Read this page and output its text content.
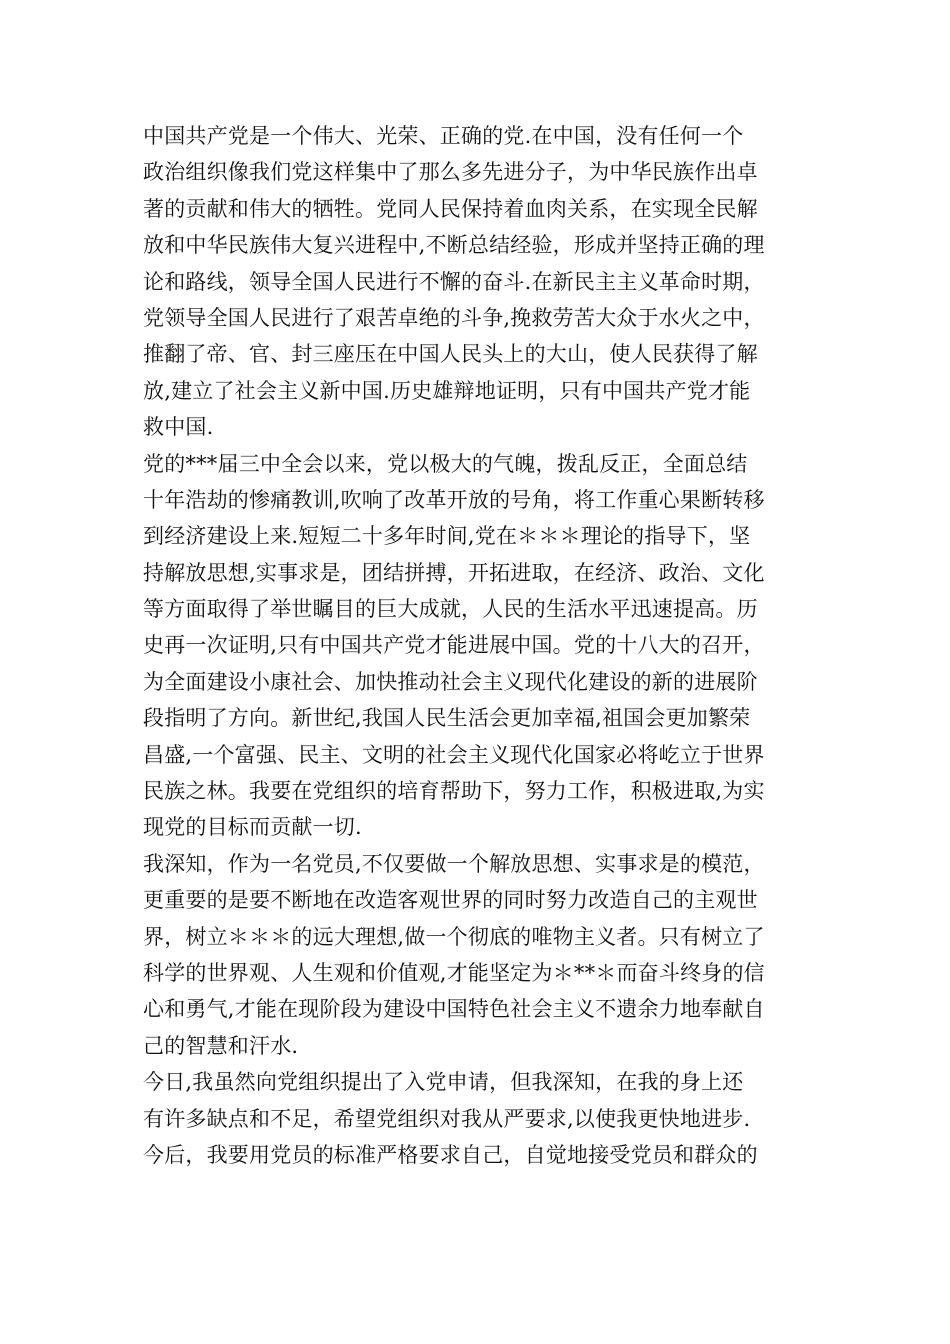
中国共产党是一个伟大、光荣、正确的党.在中国，没有任何一个
政治组织像我们党这样集中了那么多先进分子，为中华民族作出卓
著的贡献和伟大的牺牲。党同人民保持着血肉关系，在实现全民解
放和中华民族伟大复兴进程中,不断总结经验，形成并坚持正确的理
论和路线，领导全国人民进行不懈的奋斗.在新民主主义革命时期，
党领导全国人民进行了艰苦卓绝的斗争,挽救劳苦大众于水火之中，
推翻了帝、官、封三座压在中国人民头上的大山，使人民获得了解
放,建立了社会主义新中国.历史雄辩地证明，只有中国共产党才能
救中国.

党的***届三中全会以来，党以极大的气魄，拨乱反正，全面总结
十年浩劫的惨痛教训,吹响了改革开放的号角，将工作重心果断转移
到经济建设上来.短短二十多年时间,党在＊＊＊理论的指导下，坚
持解放思想,实事求是，团结拼搏，开拓进取，在经济、政治、文化
等方面取得了举世瞩目的巨大成就，人民的生活水平迅速提高。历
史再一次证明,只有中国共产党才能进展中国。党的十八大的召开，
为全面建设小康社会、加快推动社会主义现代化建设的新的进展阶
段指明了方向。新世纪,我国人民生活会更加幸福,祖国会更加繁荣
昌盛,一个富强、民主、文明的社会主义现代化国家必将屹立于世界
民族之林。我要在党组织的培育帮助下，努力工作，积极进取,为实
现党的目标而贡献一切.

我深知，作为一名党员,不仅要做一个解放思想、实事求是的模范，
更重要的是要不断地在改造客观世界的同时努力改造自己的主观世
界，树立＊＊＊的远大理想,做一个彻底的唯物主义者。只有树立了
科学的世界观、人生观和价值观,才能坚定为＊**＊而奋斗终身的信
心和勇气,才能在现阶段为建设中国特色社会主义不遗余力地奉献自
己的智慧和汗水.

今日,我虽然向党组织提出了入党申请，但我深知，在我的身上还
有许多缺点和不足，希望党组织对我从严要求,以使我更快地进步.
今后，我要用党员的标准严格要求自己，自觉地接受党员和群众的
